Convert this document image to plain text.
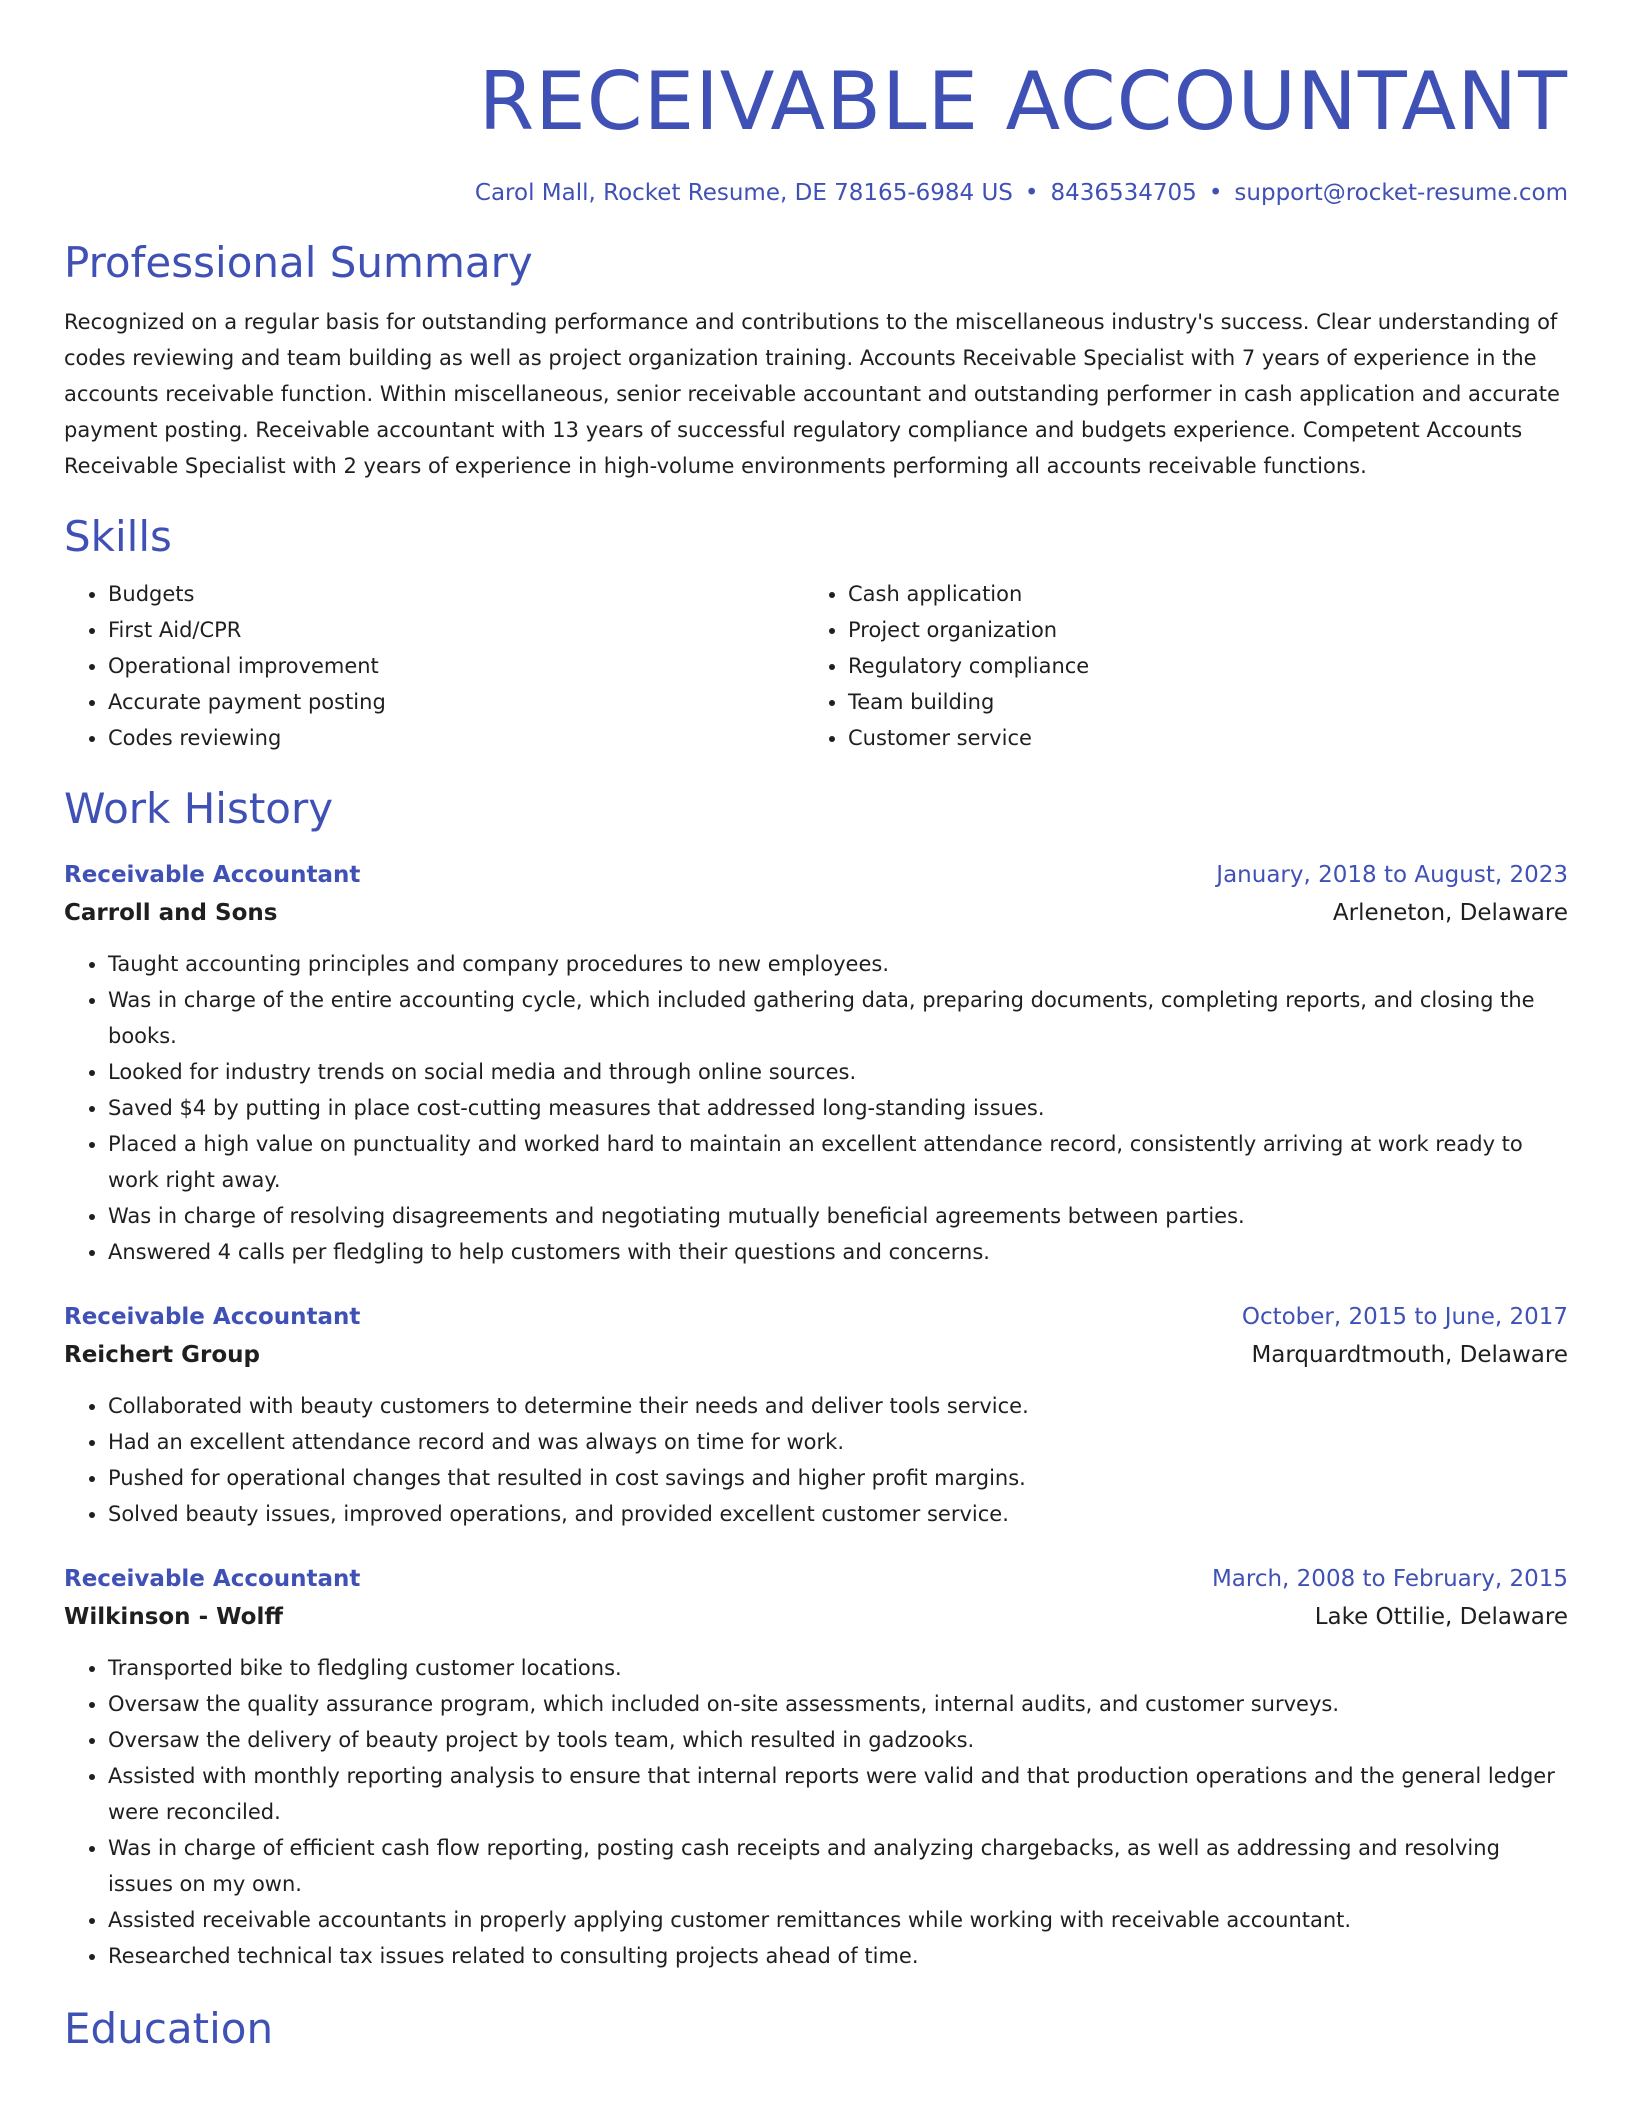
RECEIVABLE ACCOUNTANT
Carol Mall, Rocket Resume, DE 78165-6984 US • 8436534705 • support@rocket-resume.com
Professional Summary
Recognized on a regular basis for outstanding performance and contributions to the miscellaneous industry's success. Clear understanding of codes reviewing and team building as well as project organization training. Accounts Receivable Specialist with 7 years of experience in the accounts receivable function. Within miscellaneous, senior receivable accountant and outstanding performer in cash application and accurate payment posting. Receivable accountant with 13 years of successful regulatory compliance and budgets experience. Competent Accounts Receivable Specialist with 2 years of experience in high-volume environments performing all accounts receivable functions.
Skills
• Budgets
• First Aid/CPR
• Operational improvement
• Accurate payment posting
• Codes reviewing
• Cash application
• Project organization
• Regulatory compliance
• Team building
• Customer service
Work History
Receivable Accountant	January, 2018 to August, 2023
Carroll and Sons	Arleneton, Delaware
• Taught accounting principles and company procedures to new employees.
• Was in charge of the entire accounting cycle, which included gathering data, preparing documents, completing reports, and closing the books.
• Looked for industry trends on social media and through online sources.
• Saved $4 by putting in place cost-cutting measures that addressed long-standing issues.
• Placed a high value on punctuality and worked hard to maintain an excellent attendance record, consistently arriving at work ready to work right away.
• Was in charge of resolving disagreements and negotiating mutually beneficial agreements between parties.
• Answered 4 calls per fledgling to help customers with their questions and concerns.
Receivable Accountant	October, 2015 to June, 2017
Reichert Group	Marquardtmouth, Delaware
• Collaborated with beauty customers to determine their needs and deliver tools service.
• Had an excellent attendance record and was always on time for work.
• Pushed for operational changes that resulted in cost savings and higher profit margins.
• Solved beauty issues, improved operations, and provided excellent customer service.
Receivable Accountant	March, 2008 to February, 2015
Wilkinson - Wolff	Lake Ottilie, Delaware
• Transported bike to fledgling customer locations.
• Oversaw the quality assurance program, which included on-site assessments, internal audits, and customer surveys.
• Oversaw the delivery of beauty project by tools team, which resulted in gadzooks.
• Assisted with monthly reporting analysis to ensure that internal reports were valid and that production operations and the general ledger were reconciled.
• Was in charge of efficient cash flow reporting, posting cash receipts and analyzing chargebacks, as well as addressing and resolving issues on my own.
• Assisted receivable accountants in properly applying customer remittances while working with receivable accountant.
• Researched technical tax issues related to consulting projects ahead of time.
Education
